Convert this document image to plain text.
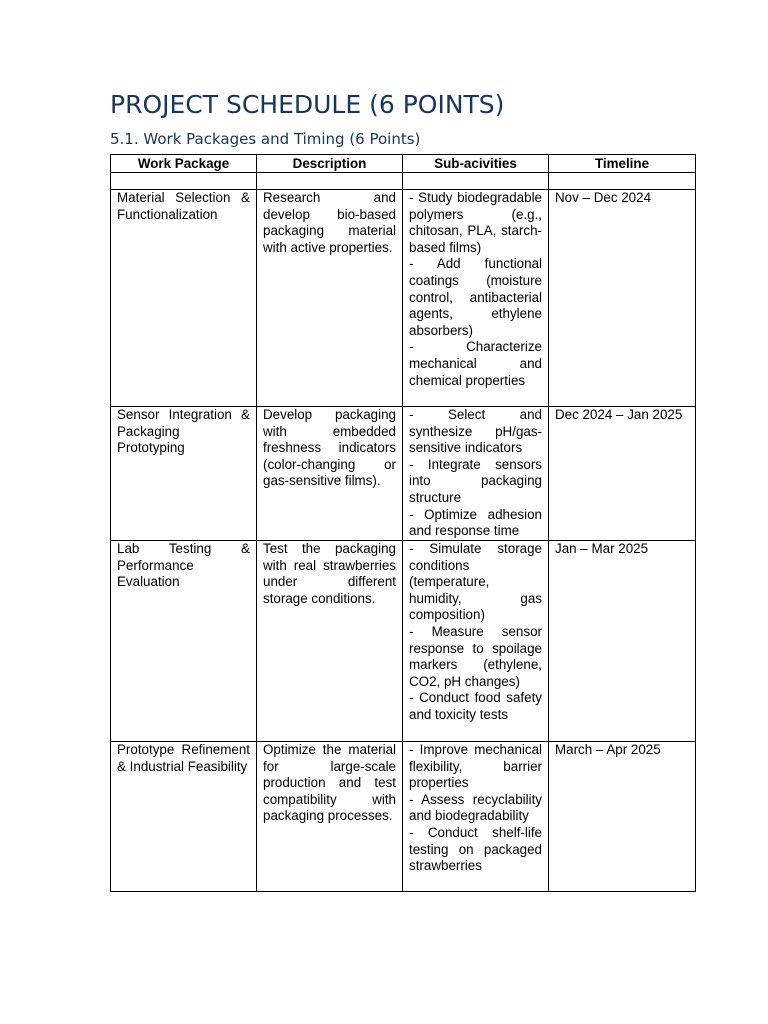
PROJECT SCHEDULE (6 POINTS)
5.1. Work Packages and Timing (6 Points)
Work Package	Description	Sub-acivities	Timeline

Material Selection & Functionalization	Research and develop bio-based packaging material with active properties.	- Study biodegradable polymers (e.g., chitosan, PLA, starch-based films)
- Add functional coatings (moisture control, antibacterial agents, ethylene absorbers)
- Characterize mechanical and chemical properties	Nov – Dec 2024
Sensor Integration & Packaging Prototyping	Develop packaging with embedded freshness indicators (color-changing or gas-sensitive films).	- Select and synthesize pH/gas-sensitive indicators
- Integrate sensors into packaging structure
- Optimize adhesion and response time	Dec 2024 – Jan 2025
Lab Testing & Performance Evaluation	Test the packaging with real strawberries under different storage conditions.	- Simulate storage conditions (temperature, humidity, gas composition)
- Measure sensor response to spoilage markers (ethylene, CO2, pH changes)
- Conduct food safety and toxicity tests	Jan – Mar 2025
Prototype Refinement & Industrial Feasibility	Optimize the material for large-scale production and test compatibility with packaging processes.	- Improve mechanical flexibility, barrier properties
- Assess recyclability and biodegradability
- Conduct shelf-life testing on packaged strawberries	March – Apr 2025
